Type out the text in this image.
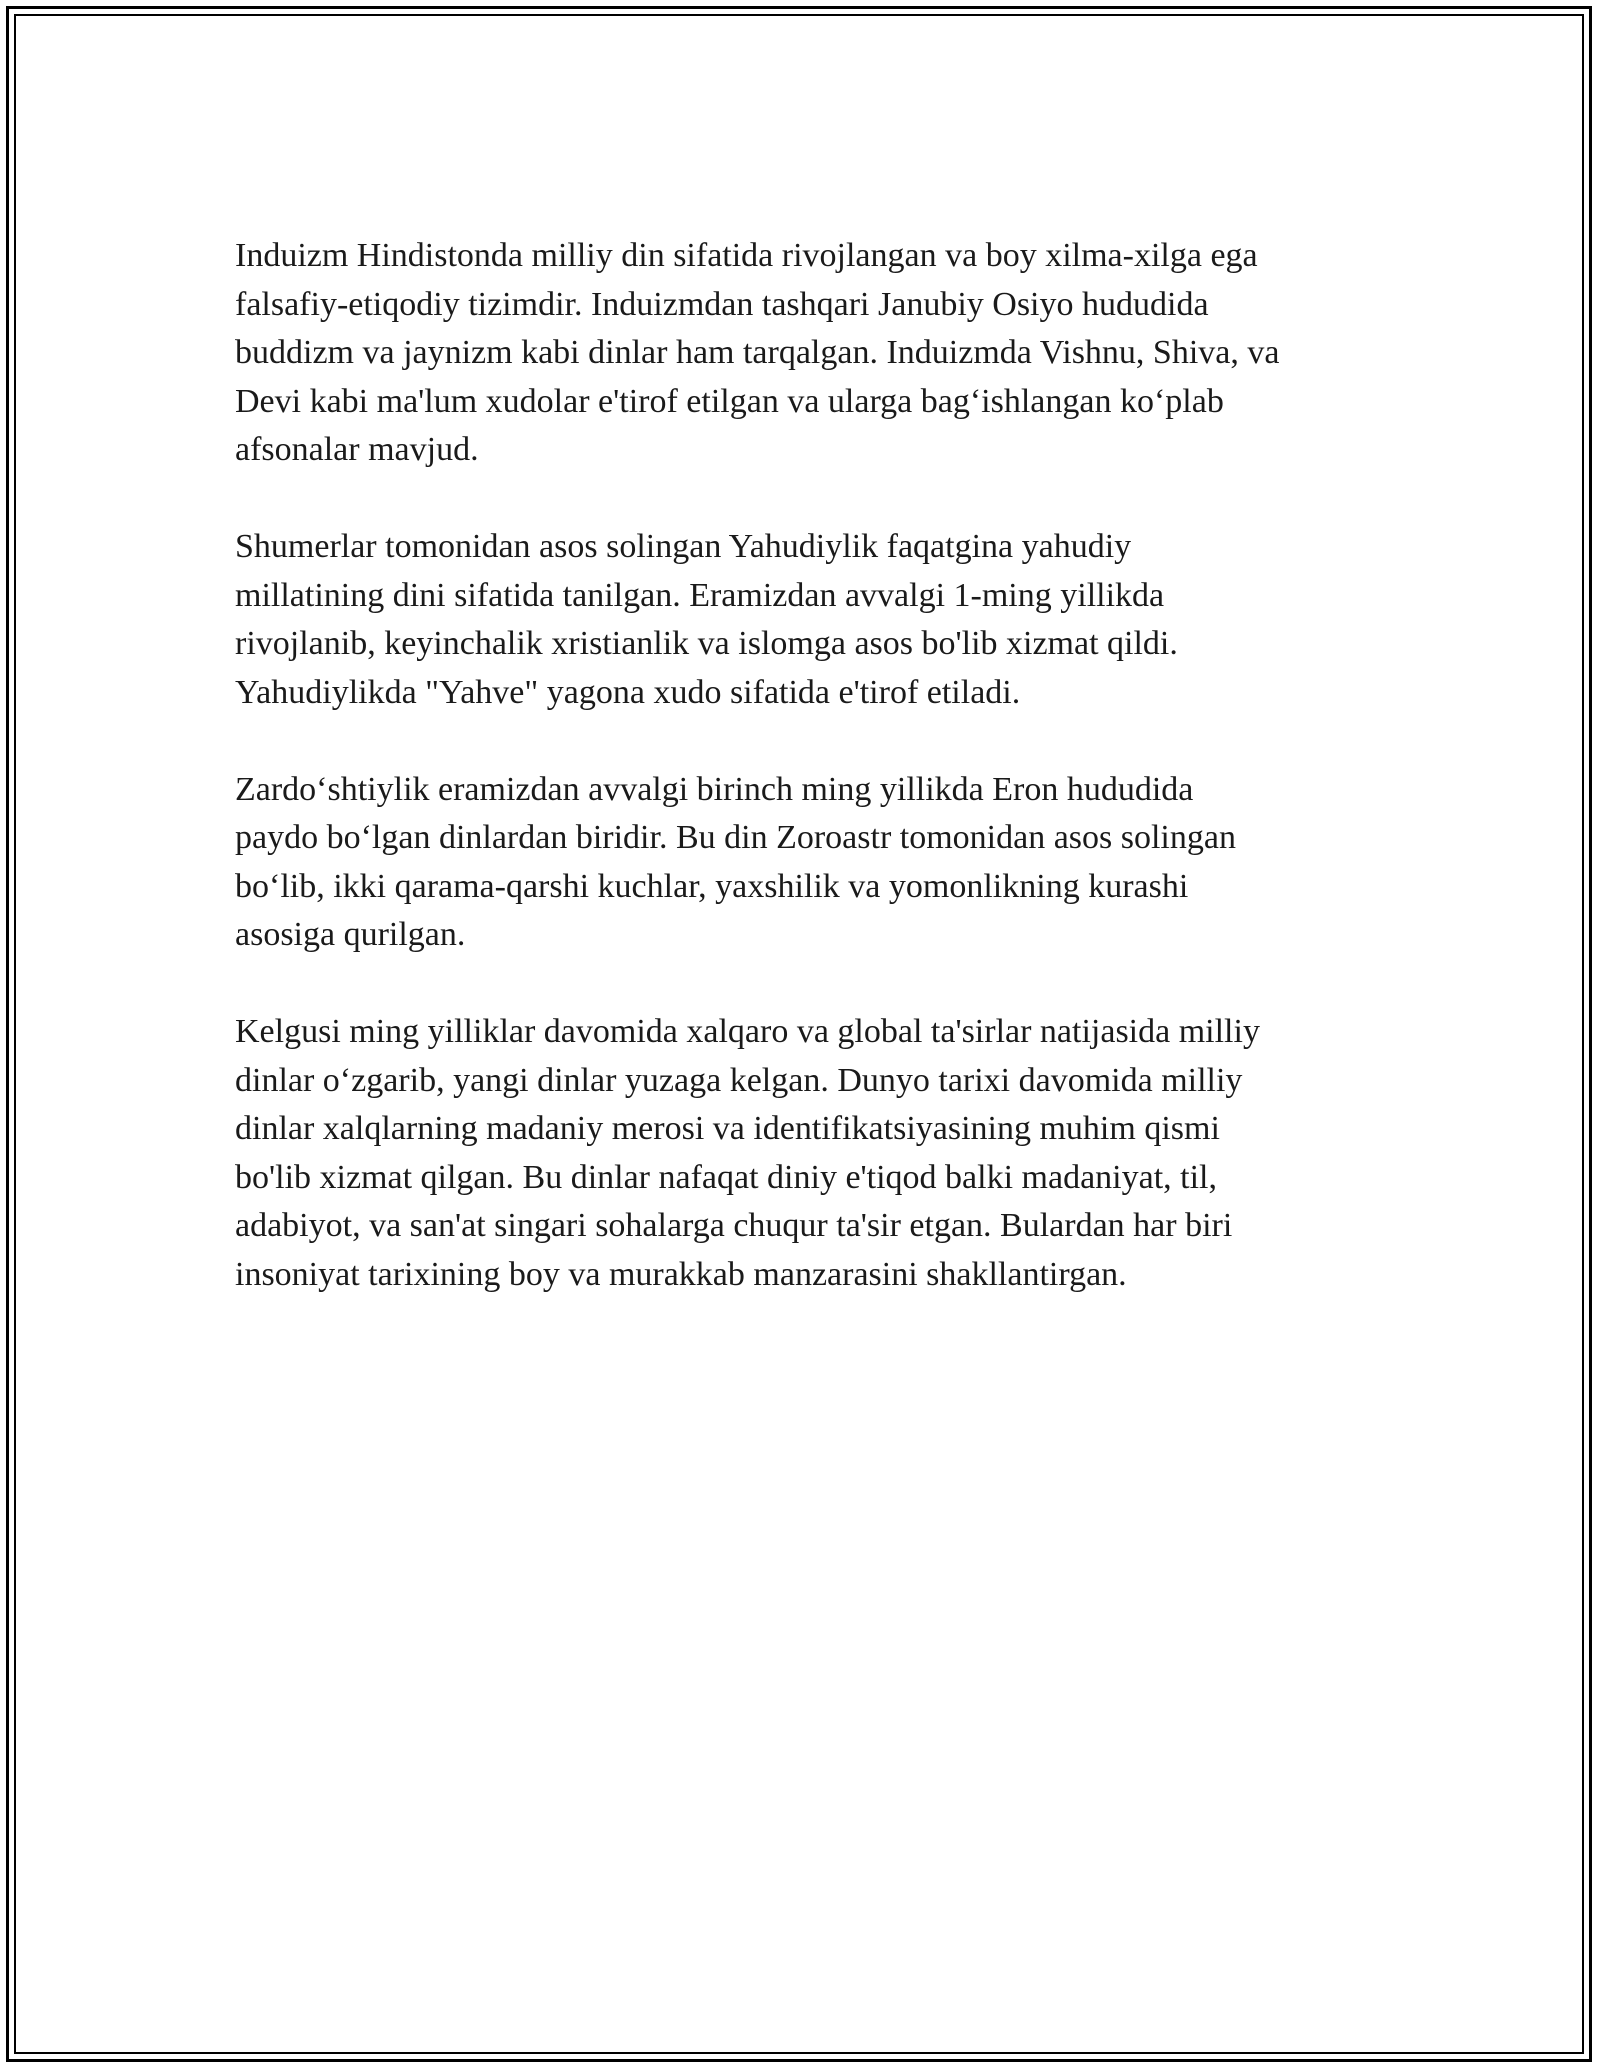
Induizm Hindistonda milliy din sifatida rivojlangan va boy xilma-xilga ega
falsafiy-etiqodiy tizimdir. Induizmdan tashqari Janubiy Osiyo hududida
buddizm va jaynizm kabi dinlar ham tarqalgan. Induizmda Vishnu, Shiva, va
Devi kabi ma'lum xudolar e'tirof etilgan va ularga bag‘ishlangan ko‘plab
afsonalar mavjud.

Shumerlar tomonidan asos solingan Yahudiylik faqatgina yahudiy
millatining dini sifatida tanilgan. Eramizdan avvalgi 1-ming yillikda
rivojlanib, keyinchalik xristianlik va islomga asos bo'lib xizmat qildi.
Yahudiylikda "Yahve" yagona xudo sifatida e'tirof etiladi.

Zardo‘shtiylik eramizdan avvalgi birinch ming yillikda Eron hududida
paydo bo‘lgan dinlardan biridir. Bu din Zoroastr tomonidan asos solingan
bo‘lib, ikki qarama-qarshi kuchlar, yaxshilik va yomonlikning kurashi
asosiga qurilgan.

Kelgusi ming yilliklar davomida xalqaro va global ta'sirlar natijasida milliy
dinlar o‘zgarib, yangi dinlar yuzaga kelgan. Dunyo tarixi davomida milliy
dinlar xalqlarning madaniy merosi va identifikatsiyasining muhim qismi
bo'lib xizmat qilgan. Bu dinlar nafaqat diniy e'tiqod balki madaniyat, til,
adabiyot, va san'at singari sohalarga chuqur ta'sir etgan. Bulardan har biri
insoniyat tarixining boy va murakkab manzarasini shakllantirgan.
